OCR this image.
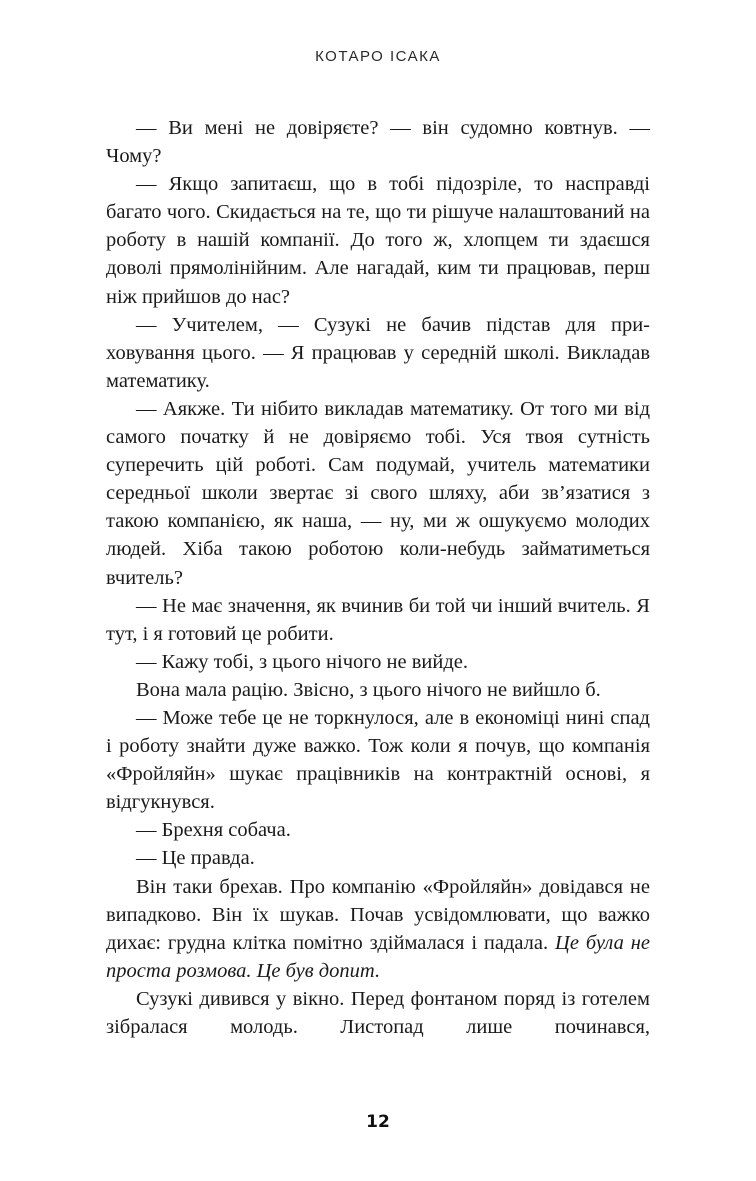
КОТАРО ІСАКА

— Ви мені не довіряєте? — він судомно ковтнув. — Чому?

— Якщо запитаєш, що в тобі підозріле, то насправді багато чого. Скидається на те, що ти рішуче налаштований на роботу в нашій компанії. До того ж, хлопцем ти здаєшся доволі прямолінійним. Але нагадай, ким ти працював, перш ніж прийшов до нас?

— Учителем, — Сузукі не бачив підстав для приховування цього. — Я працював у середній школі. Викладав математику.

— Аякже. Ти нібито викладав математику. От того ми від самого початку й не довіряємо тобі. Уся твоя сутність суперечить цій роботі. Сам подумай, учитель математики середньої школи звертає зі свого шляху, аби зв’язатися з такою компанією, як наша, — ну, ми ж ошукуємо молодих людей. Хіба такою роботою коли-небудь займатиметься вчитель?

— Не має значення, як вчинив би той чи інший вчитель. Я тут, і я готовий це робити.

— Кажу тобі, з цього нічого не вийде.

Вона мала рацію. Звісно, з цього нічого не вийшло б.

— Може тебе це не торкнулося, але в економіці нині спад і роботу знайти дуже важко. Тож коли я почув, що компанія «Фройляйн» шукає працівників на контрактній основі, я відгукнувся.

— Брехня собача.

— Це правда.

Він таки брехав. Про компанію «Фройляйн» довідався не випадково. Він їх шукав. Почав усвідомлювати, що важко дихає: грудна клітка помітно здіймалася і падала. Це була не проста розмова. Це був допит.

Сузукі дивився у вікно. Перед фонтаном поряд із готелем зібралася молодь. Листопад лише починався,

12
